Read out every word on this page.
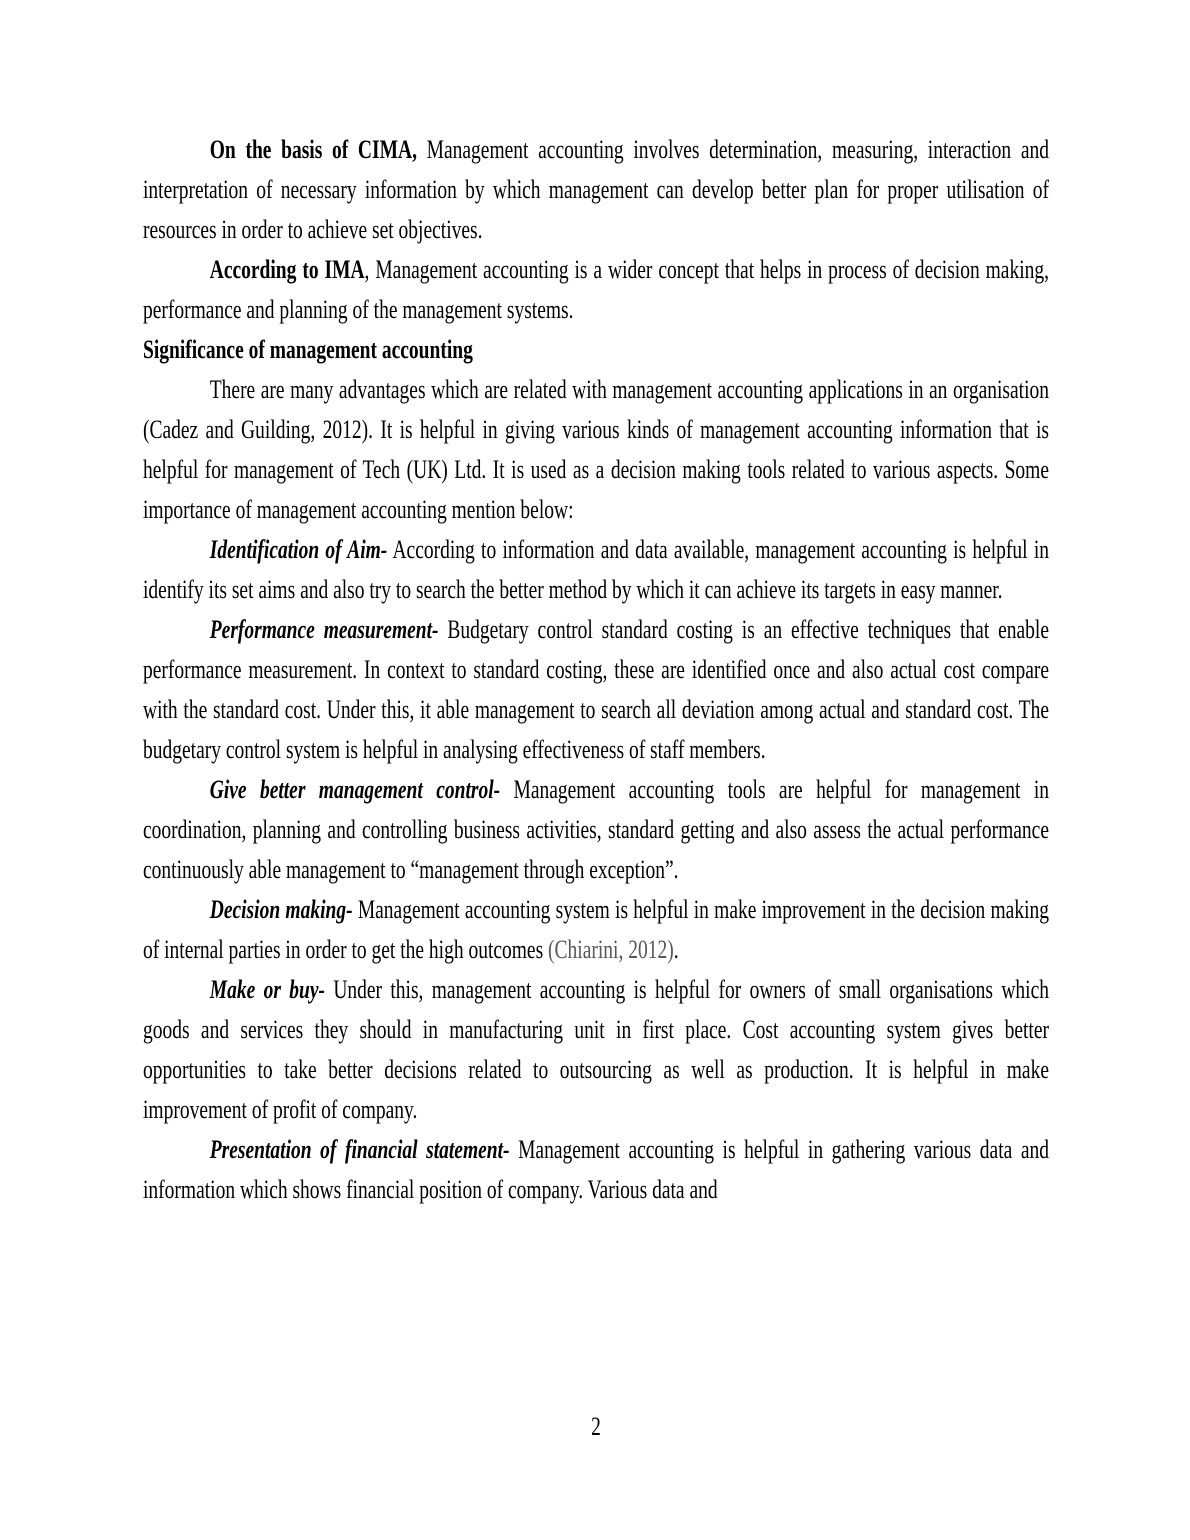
On the basis of CIMA, Management accounting involves determination, measuring, interaction and interpretation of necessary information by which management can develop better plan for proper utilisation of resources in order to achieve set objectives.

According to IMA, Management accounting is a wider concept that helps in process of decision making, performance and planning of the management systems.

Significance of management accounting

There are many advantages which are related with management accounting applications in an organisation (Cadez and Guilding, 2012). It is helpful in giving various kinds of management accounting information that is helpful for management of Tech (UK) Ltd. It is used as a decision making tools related to various aspects. Some importance of management accounting mention below:

Identification of Aim- According to information and data available, management accounting is helpful in identify its set aims and also try to search the better method by which it can achieve its targets in easy manner.

Performance measurement- Budgetary control standard costing is an effective techniques that enable performance measurement. In context to standard costing, these are identified once and also actual cost compare with the standard cost. Under this, it able management to search all deviation among actual and standard cost. The budgetary control system is helpful in analysing effectiveness of staff members.

Give better management control- Management accounting tools are helpful for management in coordination, planning and controlling business activities, standard getting and also assess the actual performance continuously able management to “management through exception”.

Decision making- Management accounting system is helpful in make improvement in the decision making of internal parties in order to get the high outcomes (Chiarini, 2012).

Make or buy- Under this, management accounting is helpful for owners of small organisations which goods and services they should in manufacturing unit in first place. Cost accounting system gives better opportunities to take better decisions related to outsourcing as well as production. It is helpful in make improvement of profit of company.

Presentation of financial statement- Management accounting is helpful in gathering various data and information which shows financial position of company. Various data and

2
